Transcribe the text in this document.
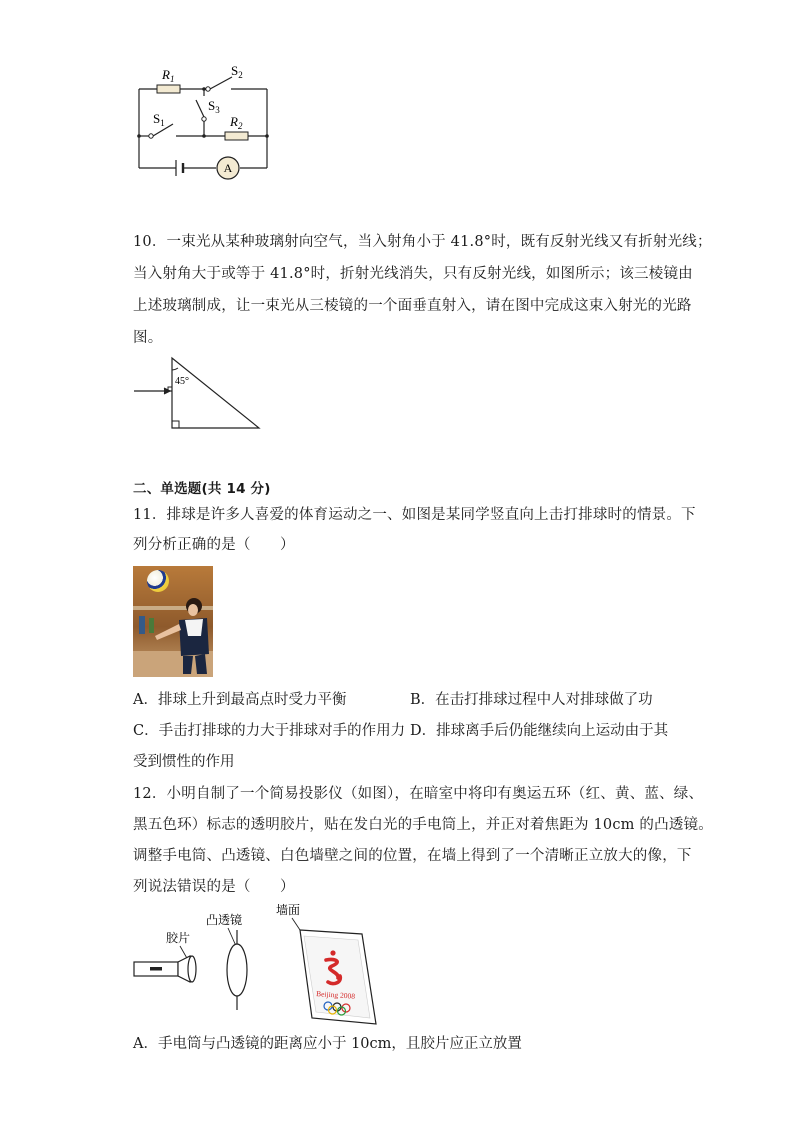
A
$R_1$
$S_2$
$S_3$
$S_1$	$R_2$
10．一束光从某种玻璃射向空气，当入射角小于 41.8°时，既有反射光线又有折射光线；
当入射角大于或等于 41.8°时，折射光线消失，只有反射光线，如图所示；该三棱镜由
上述玻璃制成，让一束光从三棱镜的一个面垂直射入，请在图中完成这束入射光的光路
图。
45°
二、单选题(共 14 分)
11．排球是许多人喜爱的体育运动之一、如图是某同学竖直向上击打排球时的情景。下
列分析正确的是（　　）
A．排球上升到最高点时受力平衡	B．在击打排球过程中人对排球做了功
C．手击打排球的力大于排球对手的作用力 D．排球离手后仍能继续向上运动由于其
受到惯性的作用
12．小明自制了一个简易投影仪（如图），在暗室中将印有奥运五环（红、黄、蓝、绿、
黑五色环）标志的透明胶片，贴在发白光的手电筒上，并正对着焦距为 10cm 的凸透镜。
调整手电筒、凸透镜、白色墙壁之间的位置，在墙上得到了一个清晰正立放大的像，下
列说法错误的是（　　）
胶片
凸透镜
墙面
Beijing 2008
A．手电筒与凸透镜的距离应小于 10cm，且胶片应正立放置
